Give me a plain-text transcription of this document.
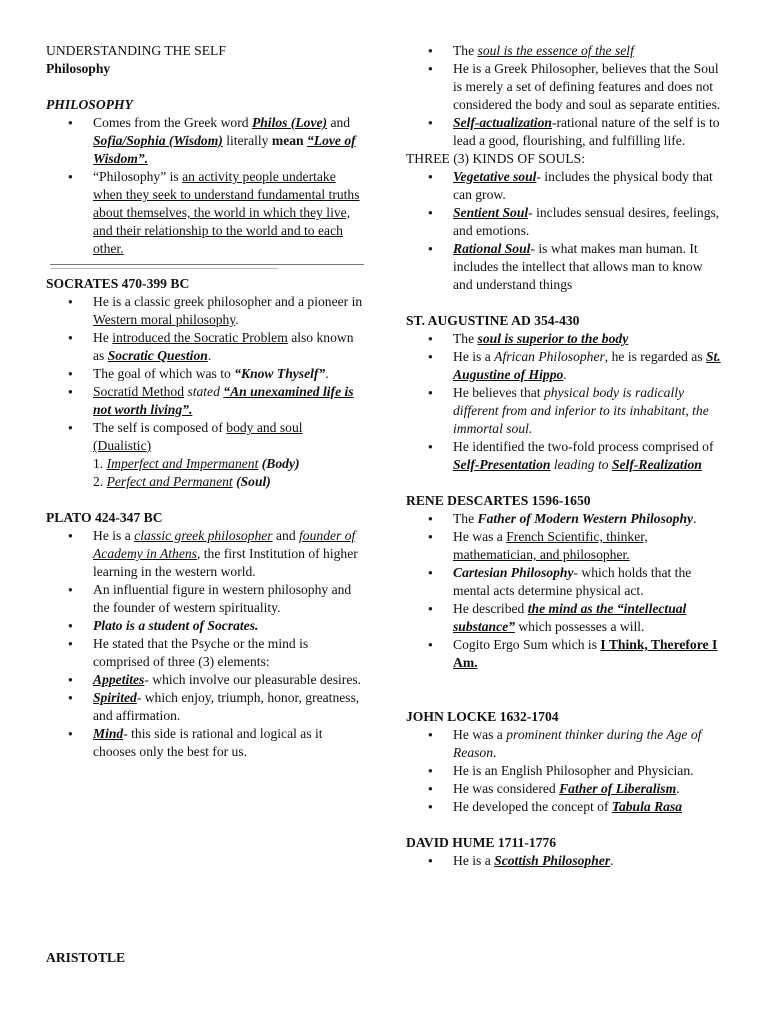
UNDERSTANDING THE SELF
Philosophy
PHILOSOPHY
● Comes from the Greek word Philos (Love) and Sofia/Sophia (Wisdom) literally mean “Love of Wisdom”.
● “Philosophy” is an activity people undertake when they seek to understand fundamental truths about themselves, the world in which they live, and their relationship to the world and to each other.
SOCRATES 470-399 BC
● He is a classic greek philosopher and a pioneer in Western moral philosophy.
● He introduced the Socratic Problem also known as Socratic Question.
● The goal of which was to “Know Thyself”.
● Socratid Method stated “An unexamined life is not worth living”.
● The self is composed of body and soul (Dualistic)
1. Imperfect and Impermanent (Body)
2. Perfect and Permanent (Soul)
PLATO 424-347 BC
● He is a classic greek philosopher and founder of Academy in Athens, the first Institution of higher learning in the western world.
● An influential figure in western philosophy and the founder of western spirituality.
● Plato is a student of Socrates.
● He stated that the Psyche or the mind is comprised of three (3) elements:
● Appetites- which involve our pleasurable desires.
● Spirited- which enjoy, triumph, honor, greatness, and affirmation.
● Mind- this side is rational and logical as it chooses only the best for us.
ARISTOTLE
● The soul is the essence of the self
● He is a Greek Philosopher, believes that the Soul is merely a set of defining features and does not considered the body and soul as separate entities.
● Self-actualization-rational nature of the self is to lead a good, flourishing, and fulfilling life.
THREE (3) KINDS OF SOULS:
● Vegetative soul- includes the physical body that can grow.
● Sentient Soul- includes sensual desires, feelings, and emotions.
● Rational Soul- is what makes man human. It includes the intellect that allows man to know and understand things
ST. AUGUSTINE AD 354-430
● The soul is superior to the body
● He is a African Philosopher, he is regarded as St. Augustine of Hippo.
● He believes that physical body is radically different from and inferior to its inhabitant, the immortal soul.
● He identified the two-fold process comprised of Self-Presentation leading to Self-Realization
RENE DESCARTES 1596-1650
● The Father of Modern Western Philosophy.
● He was a French Scientific, thinker, mathematician, and philosopher.
● Cartesian Philosophy- which holds that the mental acts determine physical act.
● He described the mind as the “intellectual substance” which possesses a will.
● Cogito Ergo Sum which is I Think, Therefore I Am.
JOHN LOCKE 1632-1704
● He was a prominent thinker during the Age of Reason.
● He is an English Philosopher and Physician.
● He was considered Father of Liberalism.
● He developed the concept of Tabula Rasa
DAVID HUME 1711-1776
● He is a Scottish Philosopher.
